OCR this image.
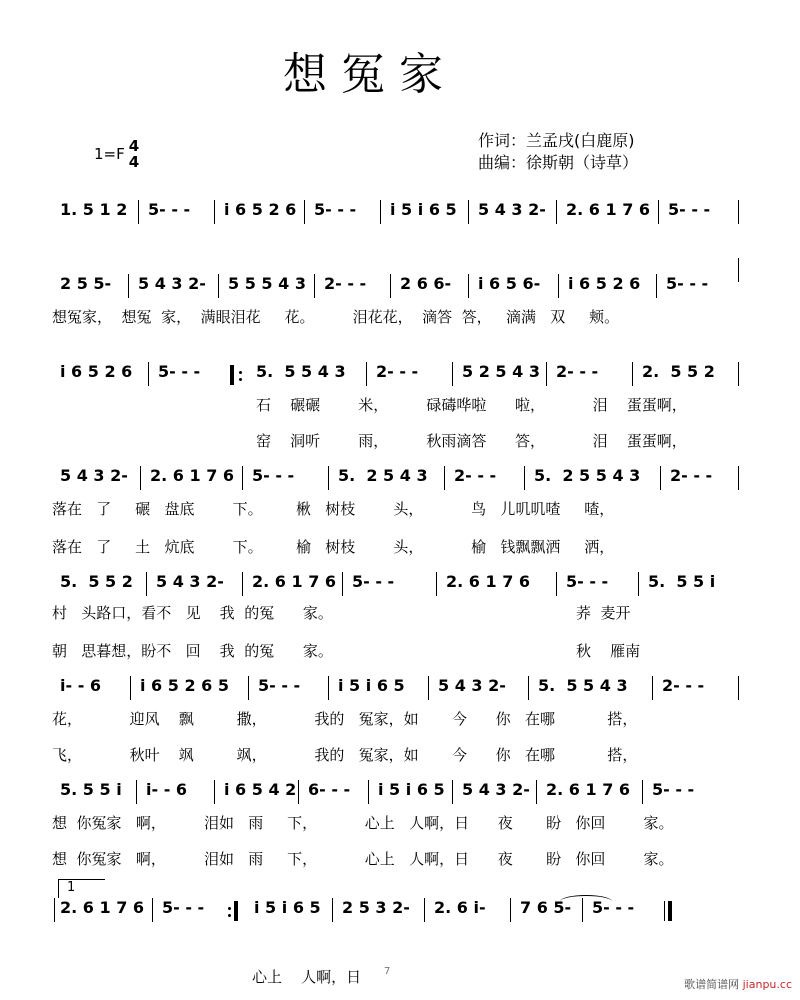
想冤家
1=F 4
4
作词：兰孟戌(白鹿原)
曲编：徐斯朝（诗草）
1. 5 1 2 5- - - i 6 5 2 6 5- - - i 5 i 6 5 5 4 3 2- 2. 6 1 7 6 5- - -
2 5 5- 5 4 3 2- 5 5 5 4 3 2- - - 2 6 6- i 6 5 6- i 6 5 2 6 5- - -
想冤家，  想冤  家，  满眼泪花     花。        泪花花，  滴答  答，   滴满   双     颊。
i 6 5 2 6 5- - -	5.  5 5 4 3 2- - -	5 2 5 4 3 2- - -	2.  5 5 2
石    碾碾        米，        碌碡哗啦      啦，          泪    蛋蛋啊，
窑    洞听        雨，        秋雨滴答      答，          泪    蛋蛋啊，
5 4 3 2- 2. 6 1 7 6 5- - -	5.  2 5 4 3 2- - - 5.  2 5 5 4 3 2- - -
落在   了     碾   盘底        下。       楸   树枝        头，          鸟   儿叽叽喳     喳，
落在   了     土   炕底        下。       榆   树枝        头，          榆   钱飘飘洒     洒，
5.  5 5 2 5 4 3 2- 2. 6 1 7 6 5- - -	2. 6 1 7 6 5- - - 5.  5 5 i
村   头路口，看不   见    我  的冤      家。                                                   荞  麦开
朝   思暮想，盼不   回    我  的冤      家。                                                   秋    雁南
i- - 6 i 6 5 2 6 5 5- - - i 5 i 6 5 5 4 3 2- 5.  5 5 4 3 2- - -
花，          迎风    飘         撒，          我的   冤家，如       今      你   在哪           搭，
飞，          秋叶    飒         飒，          我的   冤家，如       今      你   在哪           搭，
5. 5 5 i i- - 6 i 6 5 4 2 6- - - i 5 i 6 5 5 4 3 2- 2. 6 1 7 6 5- - -
想  你冤家   啊，        泪如   雨     下，          心上   人啊，日      夜       盼   你回        家。
想  你冤家   啊，        泪如   雨     下，          心上   人啊，日      夜       盼   你回        家。
1
2. 6 1 7 6 5- - -	i 5 i 6 5 2 5 3 2- 2. 6 i- 7 6 5- 5- - -
心上    人啊，日 7
歌谱简谱网 jianpu.cc
